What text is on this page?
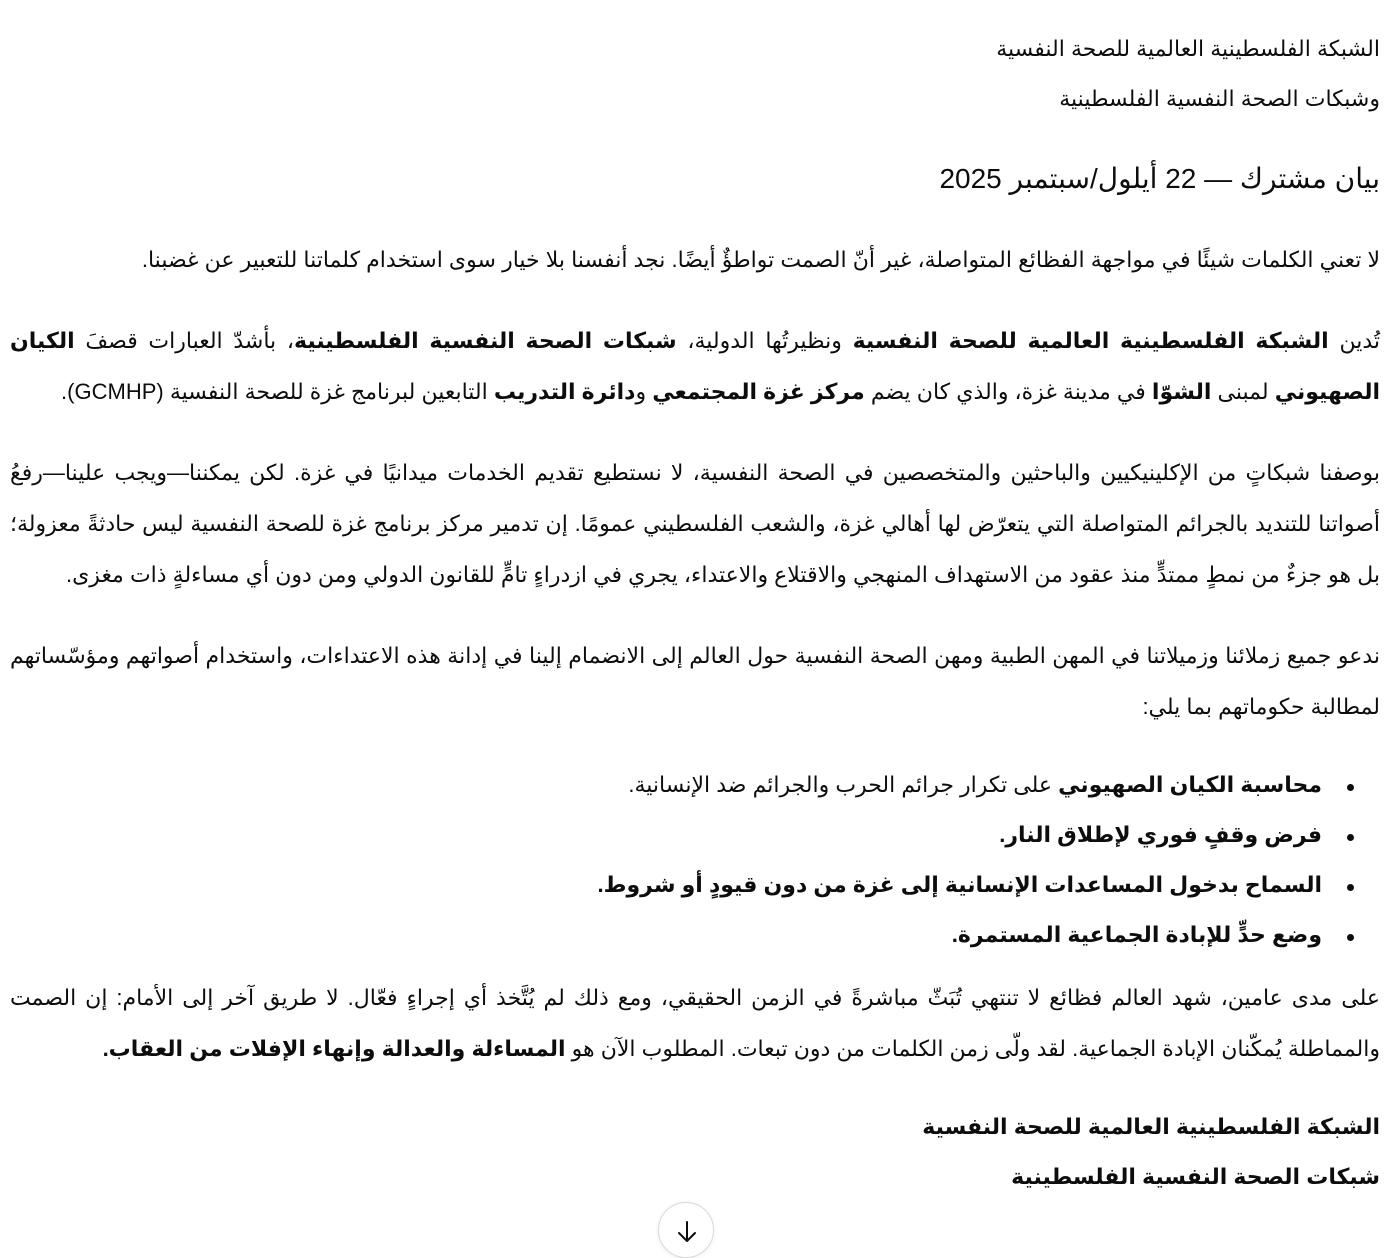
الشبكة الفلسطينية العالمية للصحة النفسية

وشبكات الصحة النفسية الفلسطينية

بيان مشترك — 22 أيلول/سبتمبر 2025

لا تعني الكلمات شيئًا في مواجهة الفظائع المتواصلة، غير أنّ الصمت تواطؤٌ أيضًا. نجد أنفسنا بلا خيار سوى استخدام كلماتنا للتعبير عن غضبنا.

تُدين الشبكة الفلسطينية العالمية للصحة النفسية ونظيرتُها الدولية، شبكات الصحة النفسية الفلسطينية، بأشدّ العبارات قصفَ الكيان الصهيوني لمبنى الشوّا في مدينة غزة، والذي كان يضم مركز غزة المجتمعي ودائرة التدريب التابعين لبرنامج غزة للصحة النفسية (GCMHP).

بوصفنا شبكاتٍ من الإكلينيكيين والباحثين والمتخصصين في الصحة النفسية، لا نستطيع تقديم الخدمات ميدانيًا في غزة. لكن يمكننا—ويجب علينا—رفعُ أصواتنا للتنديد بالجرائم المتواصلة التي يتعرّض لها أهالي غزة، والشعب الفلسطيني عمومًا. إن تدمير مركز برنامج غزة للصحة النفسية ليس حادثةً معزولة؛ بل هو جزءٌ من نمطٍ ممتدٍّ منذ عقود من الاستهداف المنهجي والاقتلاع والاعتداء، يجري في ازدراءٍ تامٍّ للقانون الدولي ومن دون أي مساءلةٍ ذات مغزى.

ندعو جميع زملائنا وزميلاتنا في المهن الطبية ومهن الصحة النفسية حول العالم إلى الانضمام إلينا في إدانة هذه الاعتداءات، واستخدام أصواتهم ومؤسّساتهم لمطالبة حكوماتهم بما يلي:

محاسبة الكيان الصهيوني على تكرار جرائم الحرب والجرائم ضد الإنسانية.
فرض وقفٍ فوري لإطلاق النار.
السماح بدخول المساعدات الإنسانية إلى غزة من دون قيودٍ أو شروط.
وضع حدٍّ للإبادة الجماعية المستمرة.

على مدى عامين، شهد العالم فظائع لا تنتهي تُبَثّ مباشرةً في الزمن الحقيقي، ومع ذلك لم يُتَّخذ أي إجراءٍ فعّال. لا طريق آخر إلى الأمام: إن الصمت والمماطلة يُمكّنان الإبادة الجماعية. لقد ولّى زمن الكلمات من دون تبعات. المطلوب الآن هو المساءلة والعدالة وإنهاء الإفلات من العقاب.

الشبكة الفلسطينية العالمية للصحة النفسية

شبكات الصحة النفسية الفلسطينية
